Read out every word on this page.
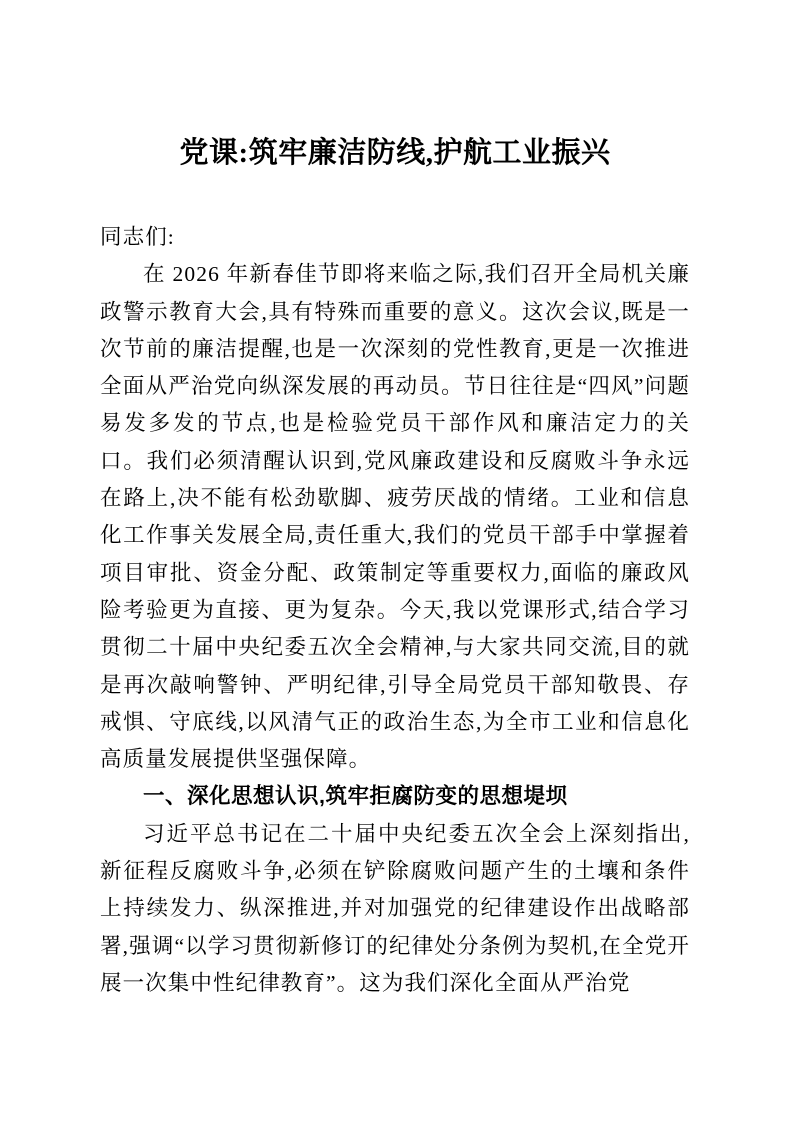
党课:筑牢廉洁防线,护航工业振兴

同志们:

在 2026 年新春佳节即将来临之际,我们召开全局机关廉政警示教育大会,具有特殊而重要的意义。这次会议,既是一次节前的廉洁提醒,也是一次深刻的党性教育,更是一次推进全面从严治党向纵深发展的再动员。节日往往是“四风”问题易发多发的节点,也是检验党员干部作风和廉洁定力的关口。我们必须清醒认识到,党风廉政建设和反腐败斗争永远在路上,决不能有松劲歇脚、疲劳厌战的情绪。工业和信息化工作事关发展全局,责任重大,我们的党员干部手中掌握着项目审批、资金分配、政策制定等重要权力,面临的廉政风险考验更为直接、更为复杂。今天,我以党课形式,结合学习贯彻二十届中央纪委五次全会精神,与大家共同交流,目的就是再次敲响警钟、严明纪律,引导全局党员干部知敬畏、存戒惧、守底线,以风清气正的政治生态,为全市工业和信息化高质量发展提供坚强保障。

一、深化思想认识,筑牢拒腐防变的思想堤坝

习近平总书记在二十届中央纪委五次全会上深刻指出,新征程反腐败斗争,必须在铲除腐败问题产生的土壤和条件上持续发力、纵深推进,并对加强党的纪律建设作出战略部署,强调“以学习贯彻新修订的纪律处分条例为契机,在全党开展一次集中性纪律教育”。这为我们深化全面从严治党
